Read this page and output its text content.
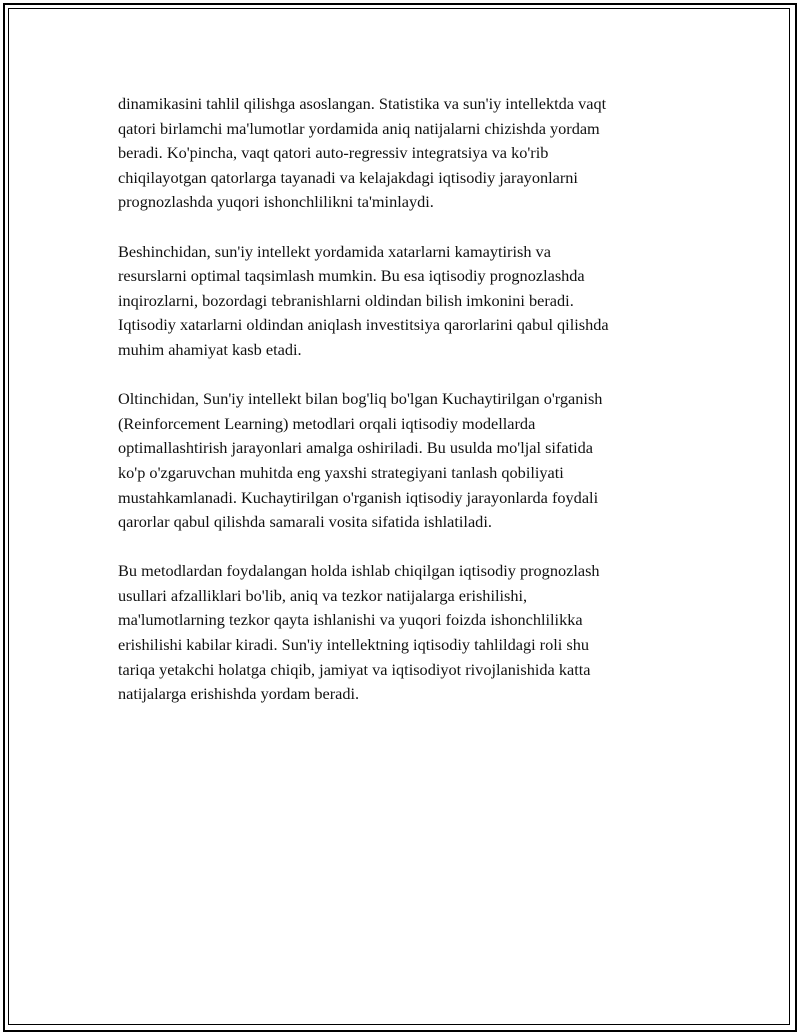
dinamikasini tahlil qilishga asoslangan. Statistika va sun'iy intellektda vaqt
qatori birlamchi ma'lumotlar yordamida aniq natijalarni chizishda yordam
beradi. Ko'pincha, vaqt qatori auto-regressiv integratsiya va ko'rib
chiqilayotgan qatorlarga tayanadi va kelajakdagi iqtisodiy jarayonlarni
prognozlashda yuqori ishonchlilikni ta'minlaydi.

Beshinchidan, sun'iy intellekt yordamida xatarlarni kamaytirish va
resurslarni optimal taqsimlash mumkin. Bu esa iqtisodiy prognozlashda
inqirozlarni, bozordagi tebranishlarni oldindan bilish imkonini beradi.
Iqtisodiy xatarlarni oldindan aniqlash investitsiya qarorlarini qabul qilishda
muhim ahamiyat kasb etadi.

Oltinchidan, Sun'iy intellekt bilan bog'liq bo'lgan Kuchaytirilgan o'rganish
(Reinforcement Learning) metodlari orqali iqtisodiy modellarda
optimallashtirish jarayonlari amalga oshiriladi. Bu usulda mo'ljal sifatida
ko'p o'zgaruvchan muhitda eng yaxshi strategiyani tanlash qobiliyati
mustahkamlanadi. Kuchaytirilgan o'rganish iqtisodiy jarayonlarda foydali
qarorlar qabul qilishda samarali vosita sifatida ishlatiladi.

Bu metodlardan foydalangan holda ishlab chiqilgan iqtisodiy prognozlash
usullari afzalliklari bo'lib, aniq va tezkor natijalarga erishilishi,
ma'lumotlarning tezkor qayta ishlanishi va yuqori foizda ishonchlilikka
erishilishi kabilar kiradi. Sun'iy intellektning iqtisodiy tahlildagi roli shu
tariqa yetakchi holatga chiqib, jamiyat va iqtisodiyot rivojlanishida katta
natijalarga erishishda yordam beradi.
